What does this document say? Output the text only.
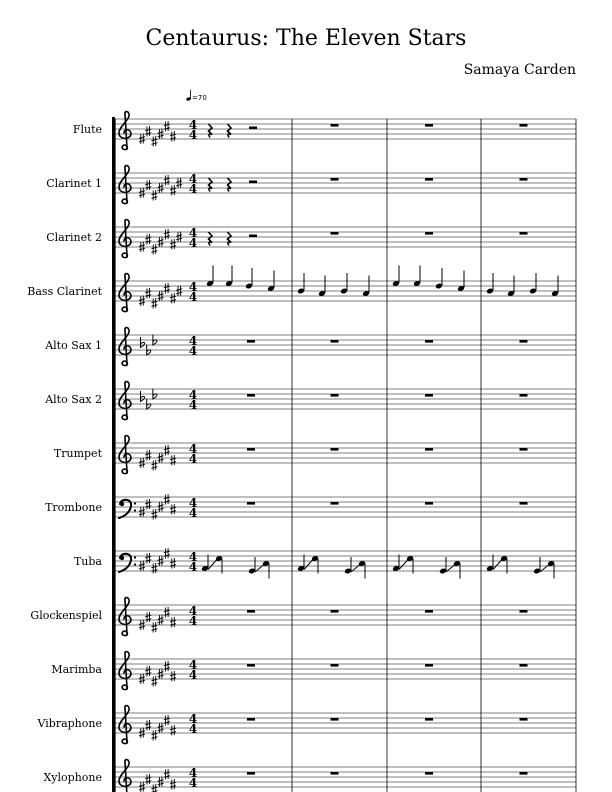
Centaurus: The Eleven Stars
Samaya Carden
=70
Flute	4
4
Clarinet 1	4
4
Clarinet 2	4
4
Bass Clarinet	4
4
Alto Sax 1	4
4
Alto Sax 2	4
4
Trumpet	4
4
Trombone	4
4
Tuba	4
4
Glockenspiel	4
4
Marimba	4
4
Vibraphone	4
4
Xylophone	4
4
